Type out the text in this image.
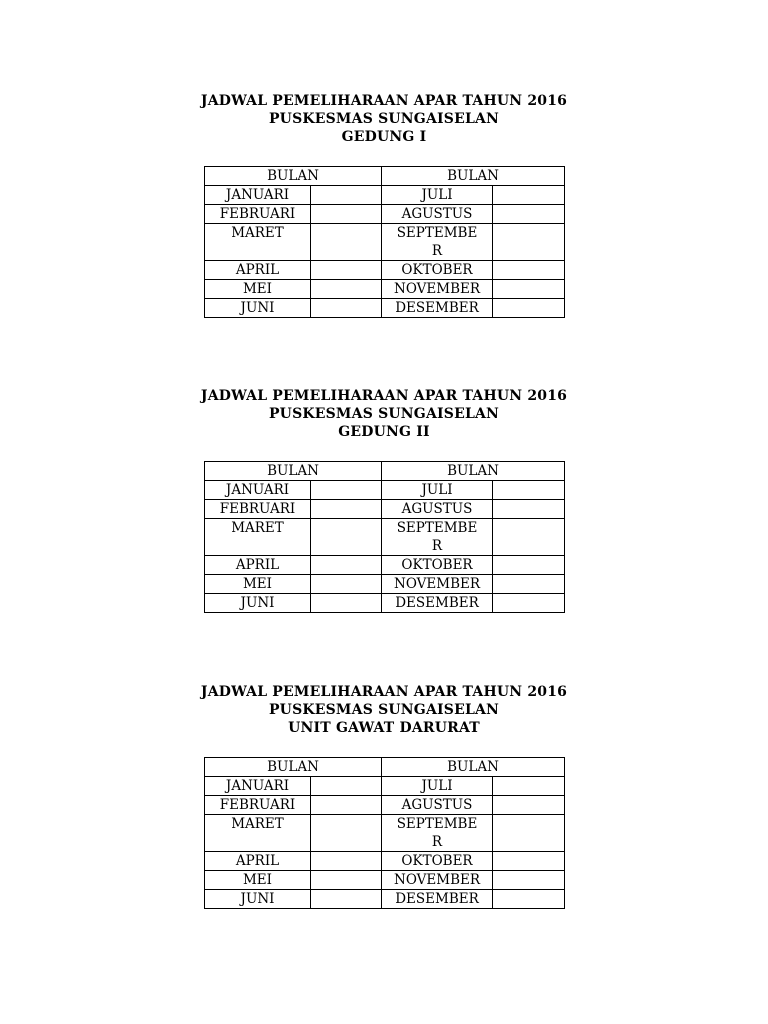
JADWAL PEMELIHARAAN APAR TAHUN 2016
PUSKESMAS SUNGAISELAN
GEDUNG I
BULAN		BULAN	
JANUARI		JULI	
FEBRUARI		AGUSTUS	
MARET		SEPTEMBER	
APRIL		OKTOBER	
MEI		NOVEMBER	
JUNI		DESEMBER	
JADWAL PEMELIHARAAN APAR TAHUN 2016
PUSKESMAS SUNGAISELAN
GEDUNG II
BULAN		BULAN	
JANUARI		JULI	
FEBRUARI		AGUSTUS	
MARET		SEPTEMBER	
APRIL		OKTOBER	
MEI		NOVEMBER	
JUNI		DESEMBER	
JADWAL PEMELIHARAAN APAR TAHUN 2016
PUSKESMAS SUNGAISELAN
UNIT GAWAT DARURAT
BULAN		BULAN	
JANUARI		JULI	
FEBRUARI		AGUSTUS	
MARET		SEPTEMBER	
APRIL		OKTOBER	
MEI		NOVEMBER	
JUNI		DESEMBER	
